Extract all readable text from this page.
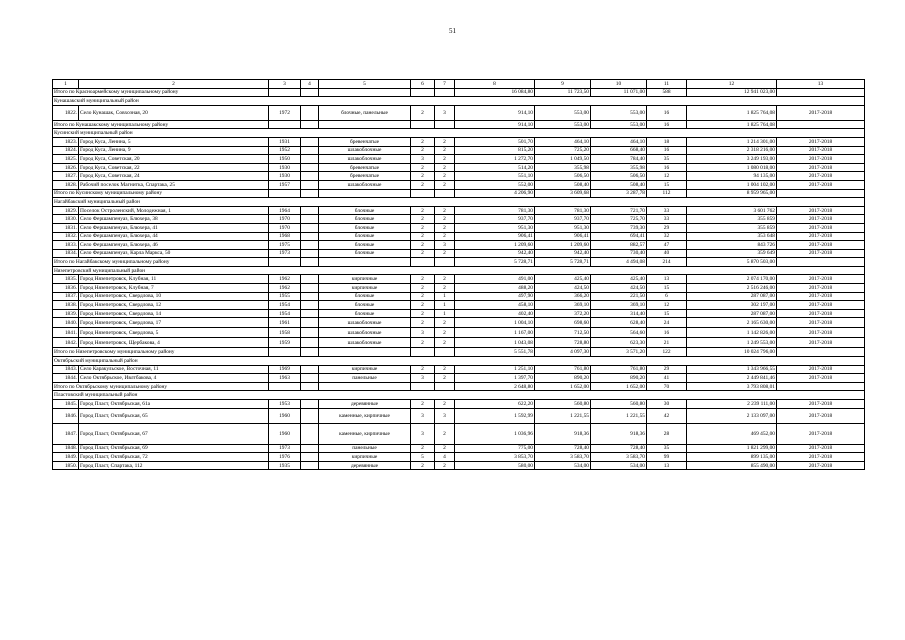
51
1	2	3	4	5	6	7	8	9	10	11	12	13
Итого по Красноармейскому муниципальному району							16 084,80	11 723,50	11 071,00	588	12 941 023,00	
Кунашакский муниципальный район												
1822.	Село Кунашак, Совхозная, 20	1972		блочные, панельные	2	3	914,10	553,00	553,00	16	1 825 764,08	2017-2018
Итого по Кунашакскому муниципальному району							914,10	553,00	553,00	16	1 825 764,08	
Кусинский муниципальный район												
1823.	Город Куса, Ленина, 5	1931		бревенчатые	2	2	501,70	464,10	464,10	18	1 214 301,00	2017-2018
1824.	Город Куса, Ленина, 9	1952		шлакоблочные	2	2	815,20	725,20	668,40	16	2 318 216,00	2017-2018
1825.	Город Куса, Советская, 20	1950		шлакоблочные	3	2	1 272,70	1 049,50	784,40	35	3 249 193,00	2017-2018
1826.	Город Куса, Советская, 22	1930		бревенчатые	2	2	514,20	355,98	355,98	16	1 080 018,00	2017-2018
1827.	Город Куса, Советская, 24	1930		бревенчатые	2	2	551,10	506,50	506,50	12	94 135,00	2017-2018
1828.	Рабочий поселок Магнитка, Спартака, 25	1957		шлакоблочные	2	2	552,00	508,40	508,40	15	1 004 102,00	2017-2018
Итого по Кусинскому муниципальному району							4 206,90	3 609,68	3 287,78	112	8 959 965,00	
Нагайбакский муниципальный район												
1829.	Поселок Остроленский, Молодежная, 1	1964		блочные	2	2	781,30	781,30	721,70	33	3 601 762	2017-2018
1830.	Село Фершампенуаз, Блюхера, 38	1970		блочные	2	2	937,70	937,70	725,70	33	355 859	2017-2018
1831.	Село Фершампенуаз, Блюхера, 41	1970		блочные	2	2	951,30	951,30	739,30	29	355 859	2017-2018
1832.	Село Фершампенуаз, Блюхера, 44	1968		блочные	2	2	906,41	906,41	694,41	32	353 648	2017-2018
1833.	Село Фершампенуаз, Блюхера, 46	1975		блочные	2	3	1 209,60	1 209,60	882,57	47	843 726	2017-2018
1834.	Село Фершампенуаз, Карла Маркса, 50	1973		блочные	2	2	942,40	942,40	730,40	40	359 649	2017-2018
Итого по Нагайбакскому муниципальному району							5 728,71	5 728,71	4 494,08	214	5 870 503,00	
Нязепетровский муниципальный район												
1835.	Город Нязепетровск, Клубная, 11	1962		кирпичные	2	2	491,00	425,40	425,40	13	2 074 170,00	2017-2018
1836.	Город Нязепетровск, Клубная, 7	1962		кирпичные	2	2	488,20	424,50	424,50	15	2 516 246,00	2017-2018
1837.	Город Нязепетровск, Свердлова, 10	1955		блочные	2	1	497,90	366,20	221,50	6	287 087,00	2017-2018
1838.	Город Нязепетровск, Свердлова, 12	1954		блочные	2	1	458,10	369,10	369,10	12	302 197,00	2017-2018
1839.	Город Нязепетровск, Свердлова, 14	1954		блочные	2	1	402,40	372,20	314,40	15	287 087,00	2017-2018
1840.	Город Нязепетровск, Свердлова, 17	1961		шлакоблочные	2	2	1 004,10	698,60	628,40	24	2 165 630,00	2017-2018
1841.	Город Нязепетровск, Свердлова, 5	1958		шлакоблочные	3	2	1 167,00	712,50	564,60	16	1 142 826,00	2017-2018
1842.	Город Нязепетровск, Щербакова, 4	1959		шлакоблочные	2	2	1 043,08	728,80	623,30	21	1 249 553,00	2017-2018
Итого по Нязепетровскому муниципальному району							5 551,78	4 097,30	3 571,20	122	10 024 796,00	
Октябрьский муниципальный район												
1843.	Село Каракульское, Восточная, 11	1969		кирпичные	2	2	1 251,10	761,80	761,80	29	1 343 966,55	2017-2018
1844.	Село Октябрьское, Ивлтбакова, 4	1963		панельные	3	2	1 397,70	890,20	890,20	41	2 449 841,46	2017-2018
Итого по Октябрьскому муниципальному району							2 648,80	1 652,00	1 652,00	70	3 793 808,01	
Пластовский муниципальный район												
1845.	Город Пласт, Октябрьская, 61а	1953		деревянные	2	2	622,20	560,80	560,80	30	2 239 111,00	2017-2018
1846.	Город Пласт, Октябрьская, 65	1960		каменные, кирпичные	3	3	1 592,99	1 221,55	1 221,55	42	2 133 097,00	2017-2018
1847.	Город Пласт, Октябрьская, 67	1960		каменные, кирпичные	3	2	1 036,96	918,36	918,36	28	469 452,00	2017-2018
1848.	Город Пласт, Октябрьская, 69	1973		панельные	2	2	775,00	728,40	728,40	35	1 821 299,00	2017-2018
1849.	Город Пласт, Октябрьская, 72	1976		кирпичные	5	4	3 853,70	3 583,70	3 583,70	99	899 135,00	2017-2018
1850.	Город Пласт, Спартака, 112	1935		деревянные	2	2	580,00	534,00	534,00	13	855 490,00	2017-2018
